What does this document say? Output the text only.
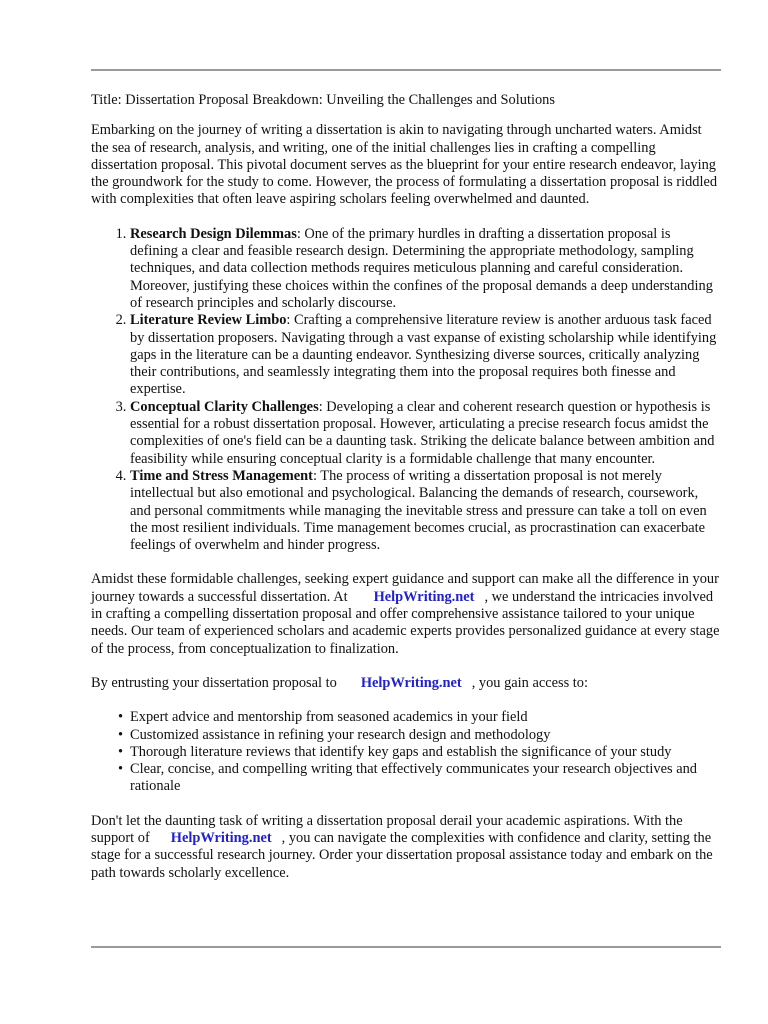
Title: Dissertation Proposal Breakdown: Unveiling the Challenges and Solutions

Embarking on the journey of writing a dissertation is akin to navigating through uncharted waters. Amidst the sea of research, analysis, and writing, one of the initial challenges lies in crafting a compelling dissertation proposal. This pivotal document serves as the blueprint for your entire research endeavor, laying the groundwork for the study to come. However, the process of formulating a dissertation proposal is riddled with complexities that often leave aspiring scholars feeling overwhelmed and daunted.

1. Research Design Dilemmas: One of the primary hurdles in drafting a dissertation proposal is defining a clear and feasible research design. Determining the appropriate methodology, sampling techniques, and data collection methods requires meticulous planning and careful consideration. Moreover, justifying these choices within the confines of the proposal demands a deep understanding of research principles and scholarly discourse.
2. Literature Review Limbo: Crafting a comprehensive literature review is another arduous task faced by dissertation proposers. Navigating through a vast expanse of existing scholarship while identifying gaps in the literature can be a daunting endeavor. Synthesizing diverse sources, critically analyzing their contributions, and seamlessly integrating them into the proposal requires both finesse and expertise.
3. Conceptual Clarity Challenges: Developing a clear and coherent research question or hypothesis is essential for a robust dissertation proposal. However, articulating a precise research focus amidst the complexities of one's field can be a daunting task. Striking the delicate balance between ambition and feasibility while ensuring conceptual clarity is a formidable challenge that many encounter.
4. Time and Stress Management: The process of writing a dissertation proposal is not merely intellectual but also emotional and psychological. Balancing the demands of research, coursework, and personal commitments while managing the inevitable stress and pressure can take a toll on even the most resilient individuals. Time management becomes crucial, as procrastination can exacerbate feelings of overwhelm and hinder progress.

Amidst these formidable challenges, seeking expert guidance and support can make all the difference in your journey towards a successful dissertation. At HelpWriting.net , we understand the intricacies involved in crafting a compelling dissertation proposal and offer comprehensive assistance tailored to your unique needs. Our team of experienced scholars and academic experts provides personalized guidance at every stage of the process, from conceptualization to finalization.

By entrusting your dissertation proposal to HelpWriting.net , you gain access to:

• Expert advice and mentorship from seasoned academics in your field
• Customized assistance in refining your research design and methodology
• Thorough literature reviews that identify key gaps and establish the significance of your study
• Clear, concise, and compelling writing that effectively communicates your research objectives and rationale

Don't let the daunting task of writing a dissertation proposal derail your academic aspirations. With the support of HelpWriting.net , you can navigate the complexities with confidence and clarity, setting the stage for a successful research journey. Order your dissertation proposal assistance today and embark on the path towards scholarly excellence.
